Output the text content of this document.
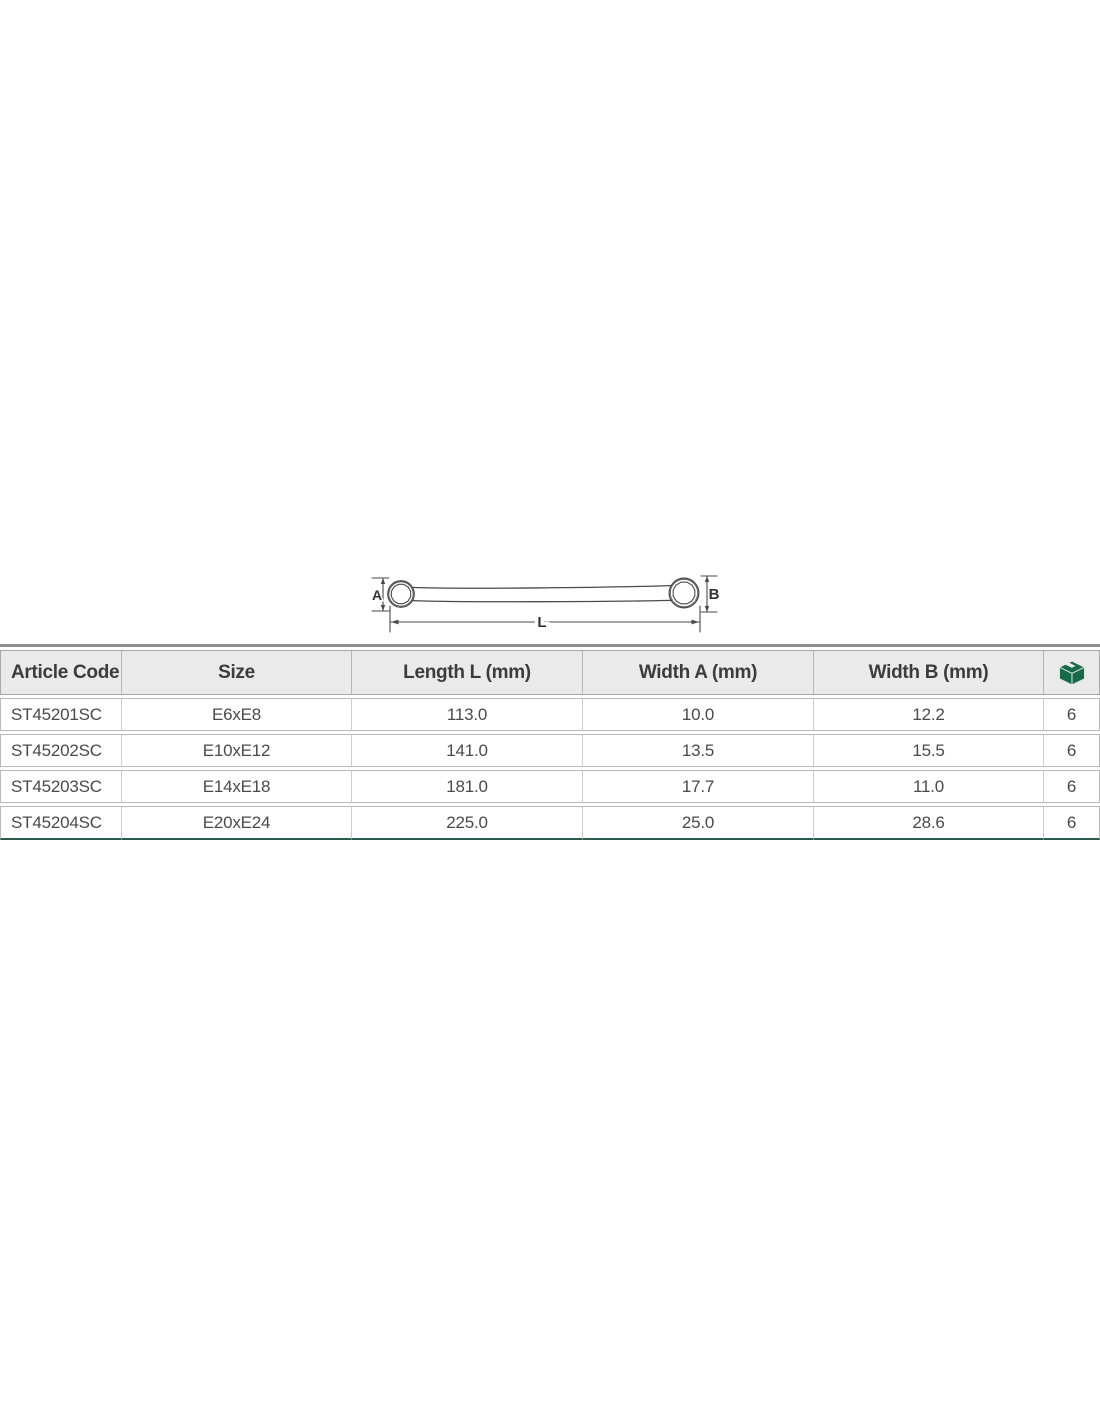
A	B
L
Article Code	Size	Length L (mm)	Width A (mm)	Width B (mm)	

ST45201SC	E6xE8	113.0	10.0	12.2	6
ST45202SC	E10xE12	141.0	13.5	15.5	6
ST45203SC	E14xE18	181.0	17.7	11.0	6
ST45204SC	E20xE24	225.0	25.0	28.6	6
